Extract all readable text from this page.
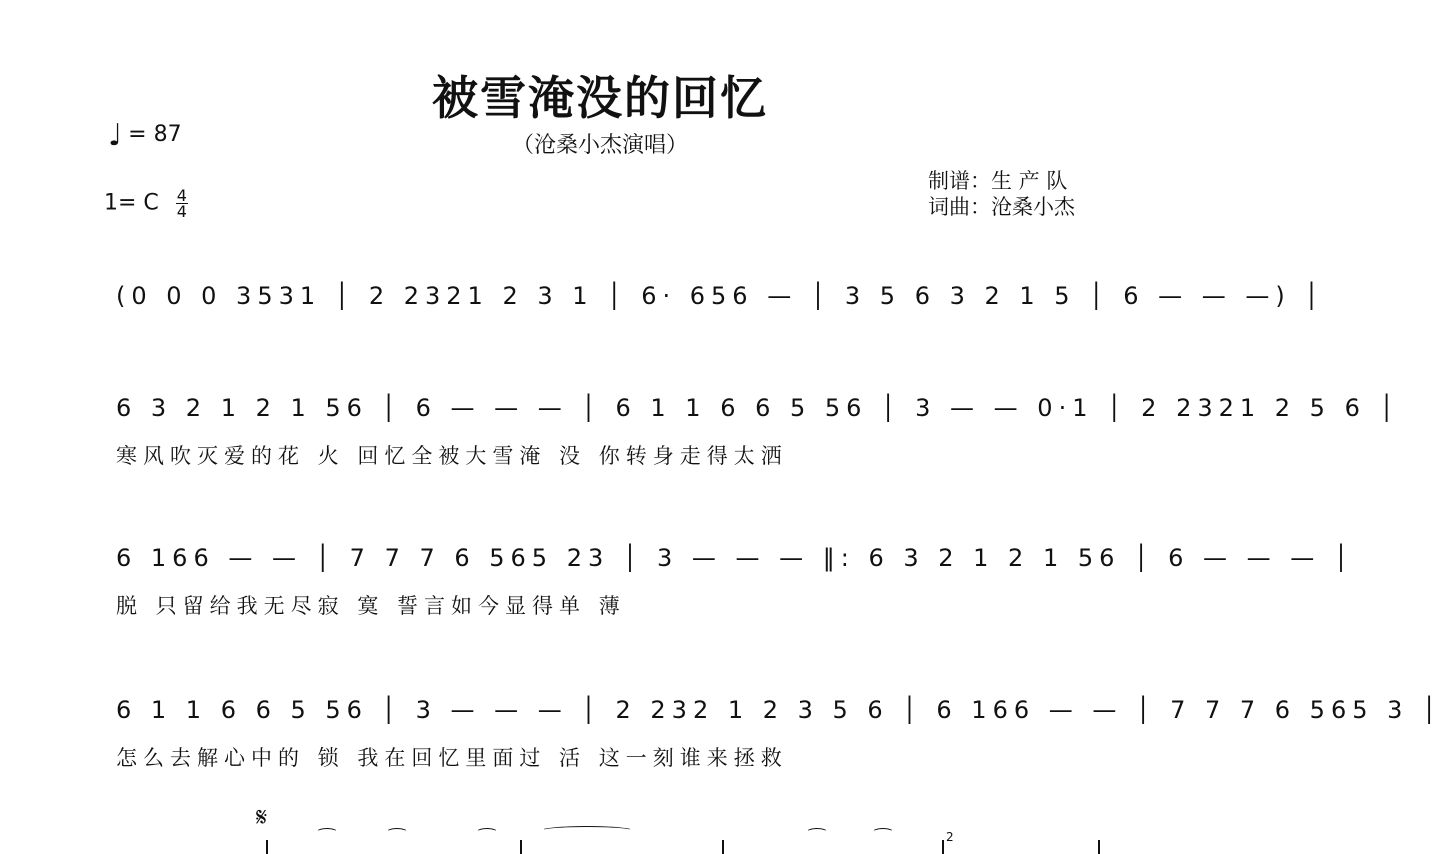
被雪淹没的回忆
（沧桑小杰演唱）
♩ = 87
1= C $\frac{4}{4}$
制谱：生 产 队
词曲：沧桑小杰
(0 0 0 3531 │ 2 2321 2 3 1 │ 6· 656 — │ 3 5 6 3 2 1 5 │ 6 — — —) │
6 3 2 1 2 1 56 │ 6 — — — │ 6 1 1 6 6 5 56 │ 3 — — 0·1 │ 2 2321 2 5 6 │
寒风吹灭爱的花 火 回忆全被大雪淹 没 你转身走得太洒
6 166 — — │ 7 7 7 6 565 23 │ 3 — — — ‖: 6 3 2 1 2 1 56 │ 6 — — — │
脱 只留给我无尽寂 寞 誓言如今显得单 薄
6 1 1 6 6 5 56 │ 3 — — — │ 2 232 1 2 3 5 6 │ 6 166 — — │ 7 7 7 6 565 3 │
怎么去解心中的 锁 我在回忆里面过 活 这一刻谁来拯救
𝄋
2
